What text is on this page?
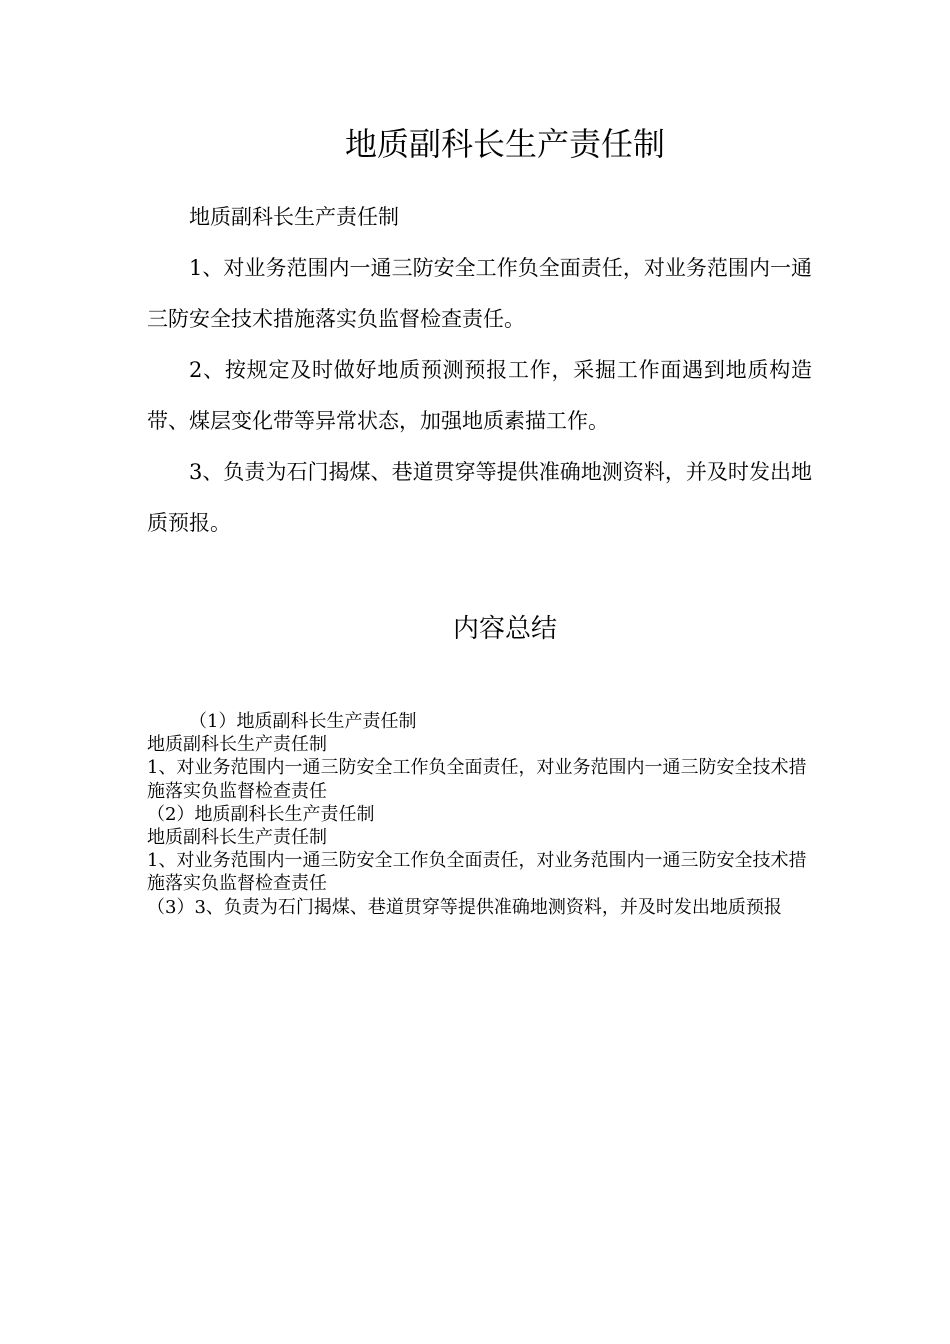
地质副科长生产责任制

地质副科长生产责任制

1、对业务范围内一通三防安全工作负全面责任，对业务范围内一通三防安全技术措施落实负监督检查责任。

2、按规定及时做好地质预测预报工作，采掘工作面遇到地质构造带、煤层变化带等异常状态，加强地质素描工作。

3、负责为石门揭煤、巷道贯穿等提供准确地测资料，并及时发出地质预报。

内容总结
（1）地质副科长生产责任制
地质副科长生产责任制
1、对业务范围内一通三防安全工作负全面责任，对业务范围内一通三防安全技术措施落实负监督检查责任
（2）地质副科长生产责任制
地质副科长生产责任制
1、对业务范围内一通三防安全工作负全面责任，对业务范围内一通三防安全技术措施落实负监督检查责任
（3）3、负责为石门揭煤、巷道贯穿等提供准确地测资料，并及时发出地质预报
